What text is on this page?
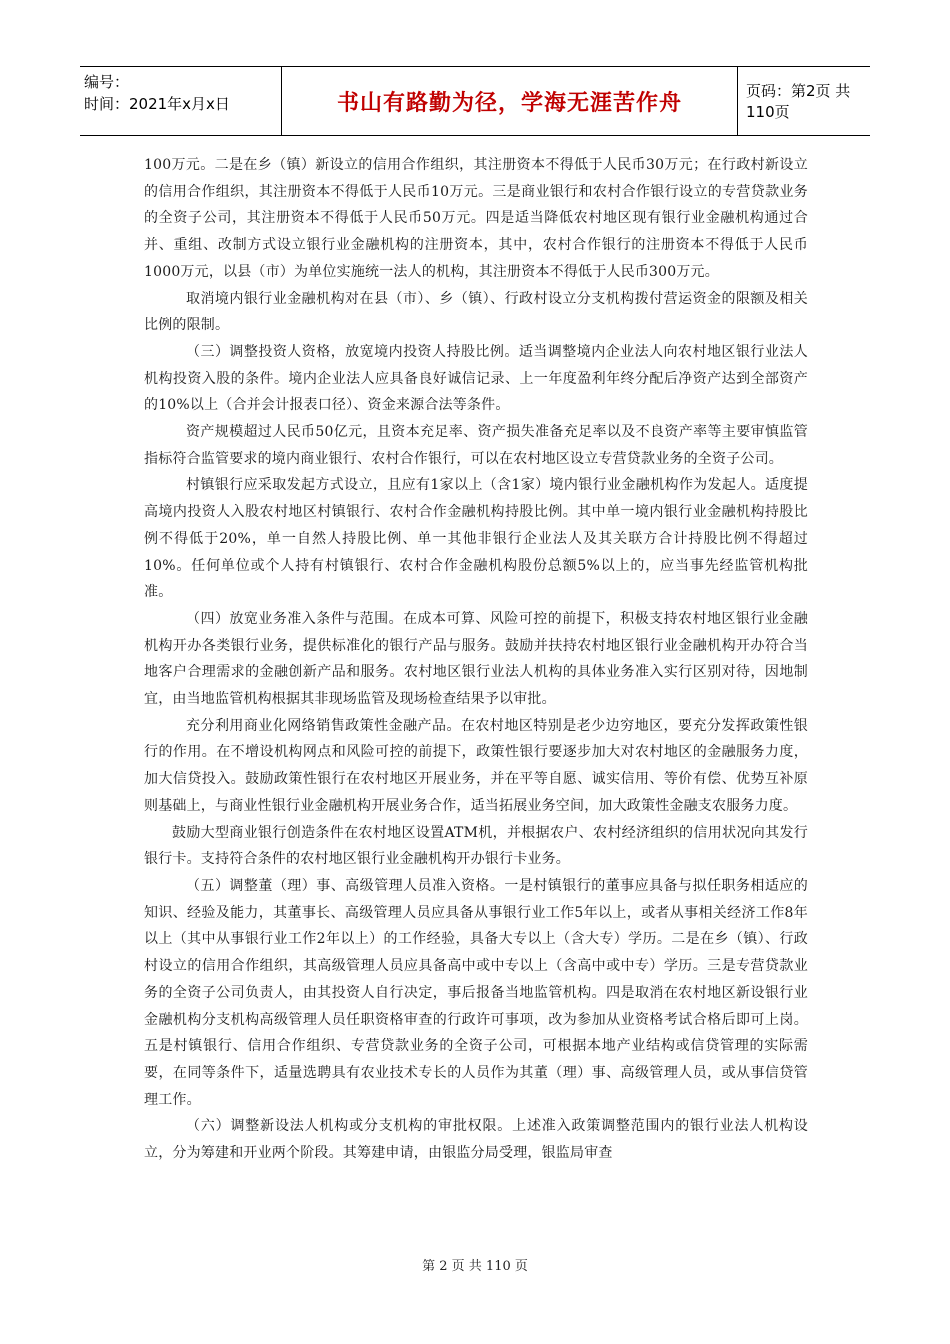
编号：
时间：2021年x月x日	书山有路勤为径，学海无涯苦作舟	页码：第2页 共110页

100万元。二是在乡（镇）新设立的信用合作组织，其注册资本不得低于人民币30万元；在行政村新设立的信用合作组织，其注册资本不得低于人民币10万元。三是商业银行和农村合作银行设立的专营贷款业务的全资子公司，其注册资本不得低于人民币50万元。四是适当降低农村地区现有银行业金融机构通过合并、重组、改制方式设立银行业金融机构的注册资本，其中，农村合作银行的注册资本不得低于人民币1000万元，以县（市）为单位实施统一法人的机构，其注册资本不得低于人民币300万元。

取消境内银行业金融机构对在县（市）、乡（镇）、行政村设立分支机构拨付营运资金的限额及相关比例的限制。

（三）调整投资人资格，放宽境内投资人持股比例。适当调整境内企业法人向农村地区银行业法人机构投资入股的条件。境内企业法人应具备良好诚信记录、上一年度盈利年终分配后净资产达到全部资产的10%以上（合并会计报表口径）、资金来源合法等条件。

资产规模超过人民币50亿元，且资本充足率、资产损失准备充足率以及不良资产率等主要审慎监管指标符合监管要求的境内商业银行、农村合作银行，可以在农村地区设立专营贷款业务的全资子公司。

村镇银行应采取发起方式设立，且应有1家以上（含1家）境内银行业金融机构作为发起人。适度提高境内投资人入股农村地区村镇银行、农村合作金融机构持股比例。其中单一境内银行业金融机构持股比例不得低于20%，单一自然人持股比例、单一其他非银行企业法人及其关联方合计持股比例不得超过10%。任何单位或个人持有村镇银行、农村合作金融机构股份总额5%以上的，应当事先经监管机构批准。

（四）放宽业务准入条件与范围。在成本可算、风险可控的前提下，积极支持农村地区银行业金融机构开办各类银行业务，提供标准化的银行产品与服务。鼓励并扶持农村地区银行业金融机构开办符合当地客户合理需求的金融创新产品和服务。农村地区银行业法人机构的具体业务准入实行区别对待，因地制宜，由当地监管机构根据其非现场监管及现场检查结果予以审批。

充分利用商业化网络销售政策性金融产品。在农村地区特别是老少边穷地区，要充分发挥政策性银行的作用。在不增设机构网点和风险可控的前提下，政策性银行要逐步加大对农村地区的金融服务力度，加大信贷投入。鼓励政策性银行在农村地区开展业务，并在平等自愿、诚实信用、等价有偿、优势互补原则基础上，与商业性银行业金融机构开展业务合作，适当拓展业务空间，加大政策性金融支农服务力度。

鼓励大型商业银行创造条件在农村地区设置ATM机，并根据农户、农村经济组织的信用状况向其发行银行卡。支持符合条件的农村地区银行业金融机构开办银行卡业务。

（五）调整董（理）事、高级管理人员准入资格。一是村镇银行的董事应具备与拟任职务相适应的知识、经验及能力，其董事长、高级管理人员应具备从事银行业工作5年以上，或者从事相关经济工作8年以上（其中从事银行业工作2年以上）的工作经验，具备大专以上（含大专）学历。二是在乡（镇）、行政村设立的信用合作组织，其高级管理人员应具备高中或中专以上（含高中或中专）学历。三是专营贷款业务的全资子公司负责人，由其投资人自行决定，事后报备当地监管机构。四是取消在农村地区新设银行业金融机构分支机构高级管理人员任职资格审查的行政许可事项，改为参加从业资格考试合格后即可上岗。五是村镇银行、信用合作组织、专营贷款业务的全资子公司，可根据本地产业结构或信贷管理的实际需要，在同等条件下，适量选聘具有农业技术专长的人员作为其董（理）事、高级管理人员，或从事信贷管理工作。

（六）调整新设法人机构或分支机构的审批权限。上述准入政策调整范围内的银行业法人机构设立，分为筹建和开业两个阶段。其筹建申请，由银监分局受理，银监局审查

第 2 页 共 110 页
